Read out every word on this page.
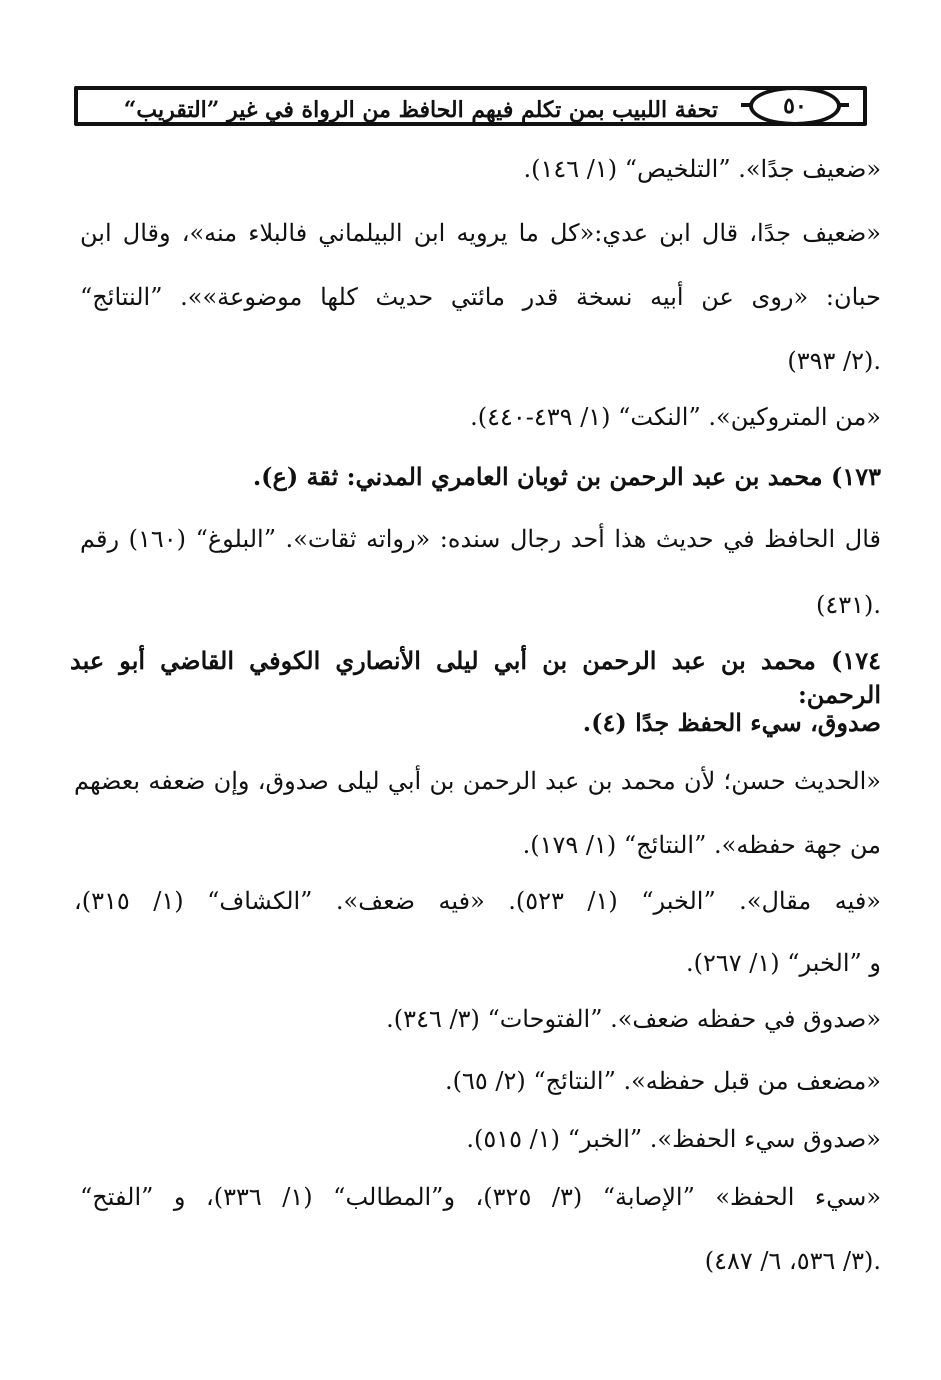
تحفة اللبيب بمن تكلم فيهم الحافظ من الرواة في غير ”التقريب“	٥٠
«ضعيف جدًا». ”التلخيص“ (١/ ١٤٦).
«ضعيف جدًا، قال ابن عدي:«كل ما يرويه ابن البيلماني فالبلاء منه»، وقال ابن
حبان: «روى عن أبيه نسخة قدر مائتي حديث كلها موضوعة»». ”النتائج“
(٢/ ٣٩٣).
«من المتروكين». ”النكت“ (١/ ٤٣٩-٤٤٠).
١٧٣) محمد بن عبد الرحمن بن ثوبان العامري المدني: ثقة (ع).
قال الحافظ في حديث هذا أحد رجال سنده: «رواته ثقات». ”البلوغ“ (١٦٠) رقم
(٤٣١).
١٧٤) محمد بن عبد الرحمن بن أبي ليلى الأنصاري الكوفي القاضي أبو عبد الرحمن:
صدوق، سيء الحفظ جدًا (٤).
«الحديث حسن؛ لأن محمد بن عبد الرحمن بن أبي ليلى صدوق، وإن ضعفه بعضهم
من جهة حفظه». ”النتائج“ (١/ ١٧٩).
«فيه مقال». ”الخبر“ (١/ ٥٢٣). «فيه ضعف». ”الكشاف“ (١/ ٣١٥)،
و ”الخبر“ (١/ ٢٦٧).
«صدوق في حفظه ضعف». ”الفتوحات“ (٣/ ٣٤٦).
«مضعف من قبل حفظه». ”النتائج“ (٢/ ٦٥).
«صدوق سيء الحفظ». ”الخبر“ (١/ ٥١٥).
«سيء الحفظ» ”الإصابة“ (٣/ ٣٢٥)، و”المطالب“ (١/ ٣٣٦)، و ”الفتح“
(٣/ ٥٣٦، ٦/ ٤٨٧).
